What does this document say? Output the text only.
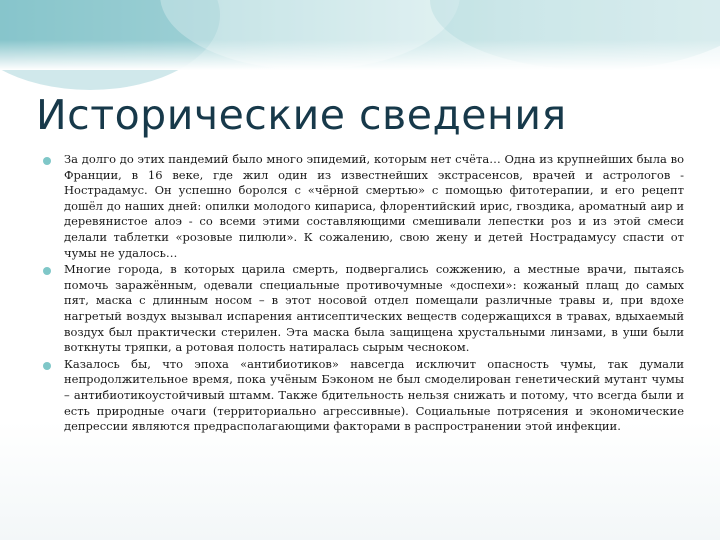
Исторические сведения

За долго до этих пандемий было много эпидемий, которым нет счёта… Одна из крупнейших была во Франции, в 16 веке, где жил один из известнейших экстрасенсов, врачей и астрологов - Нострадамус. Он успешно боролся с «чёрной смертью» с помощью фитотерапии, и его рецепт дошёл до наших дней: опилки молодого кипариса, флорентийский ирис, гвоздика, ароматный аир и деревянистое алоэ - со всеми этими составляющими смешивали лепестки роз и из этой смеси делали таблетки «розовые пилюли». К сожалению, свою жену и детей Нострадамусу спасти от чумы не удалось…

Многие города, в которых царила смерть, подвергались сожжению, а местные врачи, пытаясь помочь заражённым, одевали специальные противочумные «доспехи»: кожаный плащ до самых пят, маска с длинным носом – в этот носовой отдел помещали различные травы и, при вдохе нагретый воздух вызывал испарения антисептических веществ содержащихся в травах, вдыхаемый воздух был практически стерилен. Эта маска была защищена хрустальными линзами, в уши были воткнуты тряпки, а ротовая полость натиралась сырым чесноком.

Казалось бы, что эпоха «антибиотиков» навсегда исключит опасность чумы, так думали непродолжительное время, пока учёным Бэконом не был смоделирован генетический мутант чумы – антибиотикоустойчивый штамм. Также бдительность нельзя снижать и потому, что всегда были и есть природные очаги (территориально агрессивные). Социальные потрясения и экономические депрессии являются предрасполагающими факторами в распространении этой инфекции.
